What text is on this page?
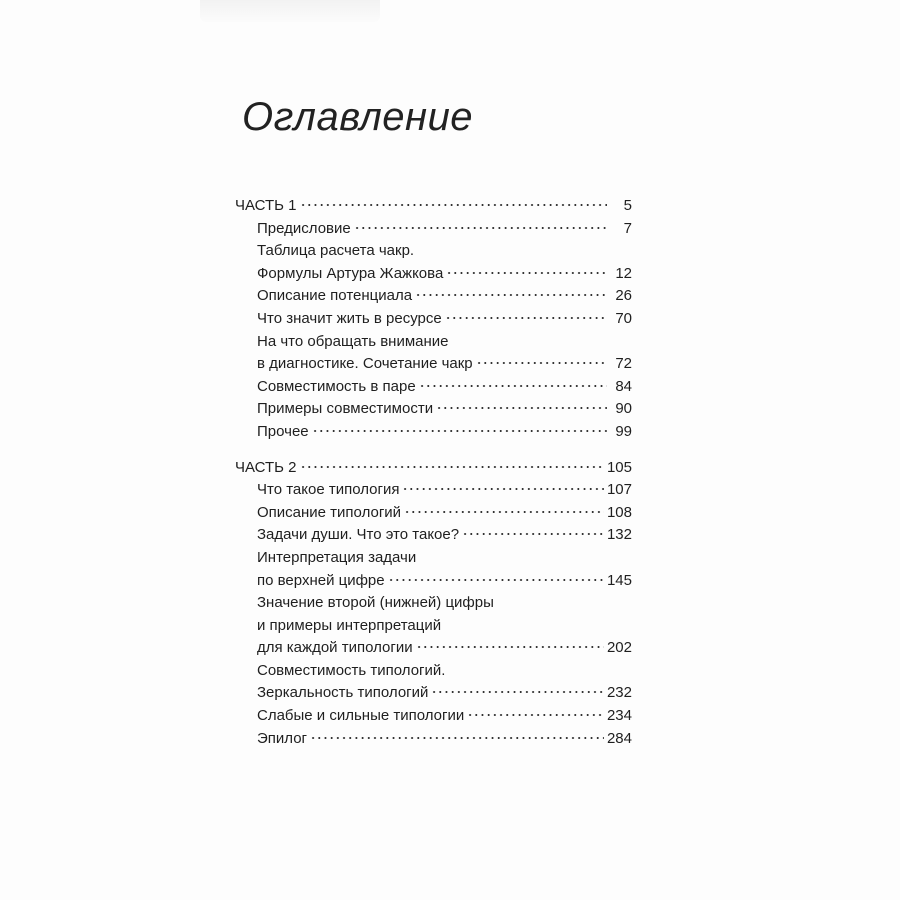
Оглавление
ЧАСТЬ 1	5
Предисловие	7
Таблица расчета чакр.
Формулы Артура Жажкова	12
Описание потенциала	26
Что значит жить в ресурсе	70
На что обращать внимание
в диагностике. Сочетание чакр	72
Совместимость в паре	84
Примеры совместимости	90
Прочее	99
ЧАСТЬ 2	105
Что такое типология	107
Описание типологий	108
Задачи души. Что это такое?	132
Интерпретация задачи
по верхней цифре	145
Значение второй (нижней) цифры
и примеры интерпретаций
для каждой типологии	202
Совместимость типологий.
Зеркальность типологий	232
Слабые и сильные типологии	234
Эпилог	284
